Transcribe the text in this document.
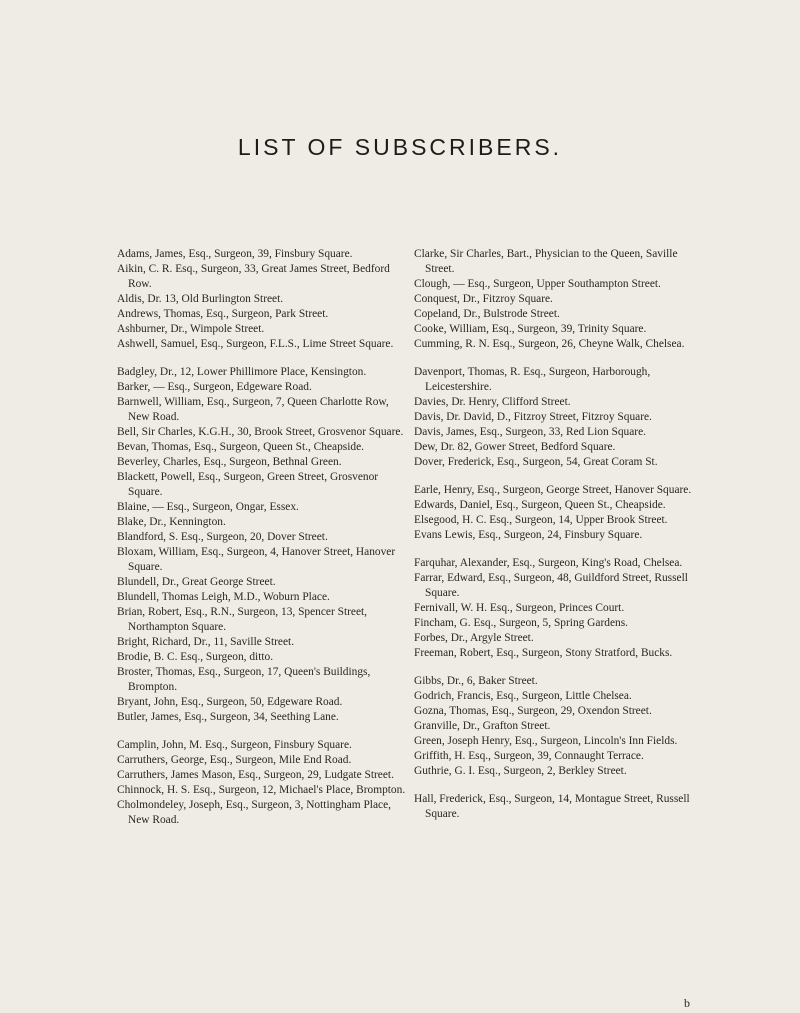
LIST OF SUBSCRIBERS.

Adams, James, Esq., Surgeon, 39, Finsbury Square.

Aikin, C. R. Esq., Surgeon, 33, Great James Street, Bedford Row.

Aldis, Dr. 13, Old Burlington Street.

Andrews, Thomas, Esq., Surgeon, Park Street.

Ashburner, Dr., Wimpole Street.

Ashwell, Samuel, Esq., Surgeon, F.L.S., Lime Street Square.

Badgley, Dr., 12, Lower Phillimore Place, Kensington.

Barker, — Esq., Surgeon, Edgeware Road.

Barnwell, William, Esq., Surgeon, 7, Queen Charlotte Row, New Road.

Bell, Sir Charles, K.G.H., 30, Brook Street, Grosvenor Square.

Bevan, Thomas, Esq., Surgeon, Queen St., Cheapside.

Beverley, Charles, Esq., Surgeon, Bethnal Green.

Blackett, Powell, Esq., Surgeon, Green Street, Grosvenor Square.

Blaine, — Esq., Surgeon, Ongar, Essex.

Blake, Dr., Kennington.

Blandford, S. Esq., Surgeon, 20, Dover Street.

Bloxam, William, Esq., Surgeon, 4, Hanover Street, Hanover Square.

Blundell, Dr., Great George Street.

Blundell, Thomas Leigh, M.D., Woburn Place.

Brian, Robert, Esq., R.N., Surgeon, 13, Spencer Street, Northampton Square.

Bright, Richard, Dr., 11, Saville Street.

Brodie, B. C. Esq., Surgeon, ditto.

Broster, Thomas, Esq., Surgeon, 17, Queen's Buildings, Brompton.

Bryant, John, Esq., Surgeon, 50, Edgeware Road.

Butler, James, Esq., Surgeon, 34, Seething Lane.

Camplin, John, M. Esq., Surgeon, Finsbury Square.

Carruthers, George, Esq., Surgeon, Mile End Road.

Carruthers, James Mason, Esq., Surgeon, 29, Ludgate Street.

Chinnock, H. S. Esq., Surgeon, 12, Michael's Place, Brompton.

Cholmondeley, Joseph, Esq., Surgeon, 3, Nottingham Place, New Road.

Clarke, Sir Charles, Bart., Physician to the Queen, Saville Street.

Clough, — Esq., Surgeon, Upper Southampton Street.

Conquest, Dr., Fitzroy Square.

Copeland, Dr., Bulstrode Street.

Cooke, William, Esq., Surgeon, 39, Trinity Square.

Cumming, R. N. Esq., Surgeon, 26, Cheyne Walk, Chelsea.

Davenport, Thomas, R. Esq., Surgeon, Harborough, Leicestershire.

Davies, Dr. Henry, Clifford Street.

Davis, Dr. David, D., Fitzroy Street, Fitzroy Square.

Davis, James, Esq., Surgeon, 33, Red Lion Square.

Dew, Dr. 82, Gower Street, Bedford Square.

Dover, Frederick, Esq., Surgeon, 54, Great Coram St.

Earle, Henry, Esq., Surgeon, George Street, Hanover Square.

Edwards, Daniel, Esq., Surgeon, Queen St., Cheapside.

Elsegood, H. C. Esq., Surgeon, 14, Upper Brook Street.

Evans Lewis, Esq., Surgeon, 24, Finsbury Square.

Farquhar, Alexander, Esq., Surgeon, King's Road, Chelsea.

Farrar, Edward, Esq., Surgeon, 48, Guildford Street, Russell Square.

Fernivall, W. H. Esq., Surgeon, Princes Court.

Fincham, G. Esq., Surgeon, 5, Spring Gardens.

Forbes, Dr., Argyle Street.

Freeman, Robert, Esq., Surgeon, Stony Stratford, Bucks.

Gibbs, Dr., 6, Baker Street.

Godrich, Francis, Esq., Surgeon, Little Chelsea.

Gozna, Thomas, Esq., Surgeon, 29, Oxendon Street.

Granville, Dr., Grafton Street.

Green, Joseph Henry, Esq., Surgeon, Lincoln's Inn Fields.

Griffith, H. Esq., Surgeon, 39, Connaught Terrace.

Guthrie, G. I. Esq., Surgeon, 2, Berkley Street.

Hall, Frederick, Esq., Surgeon, 14, Montague Street, Russell Square.

b
